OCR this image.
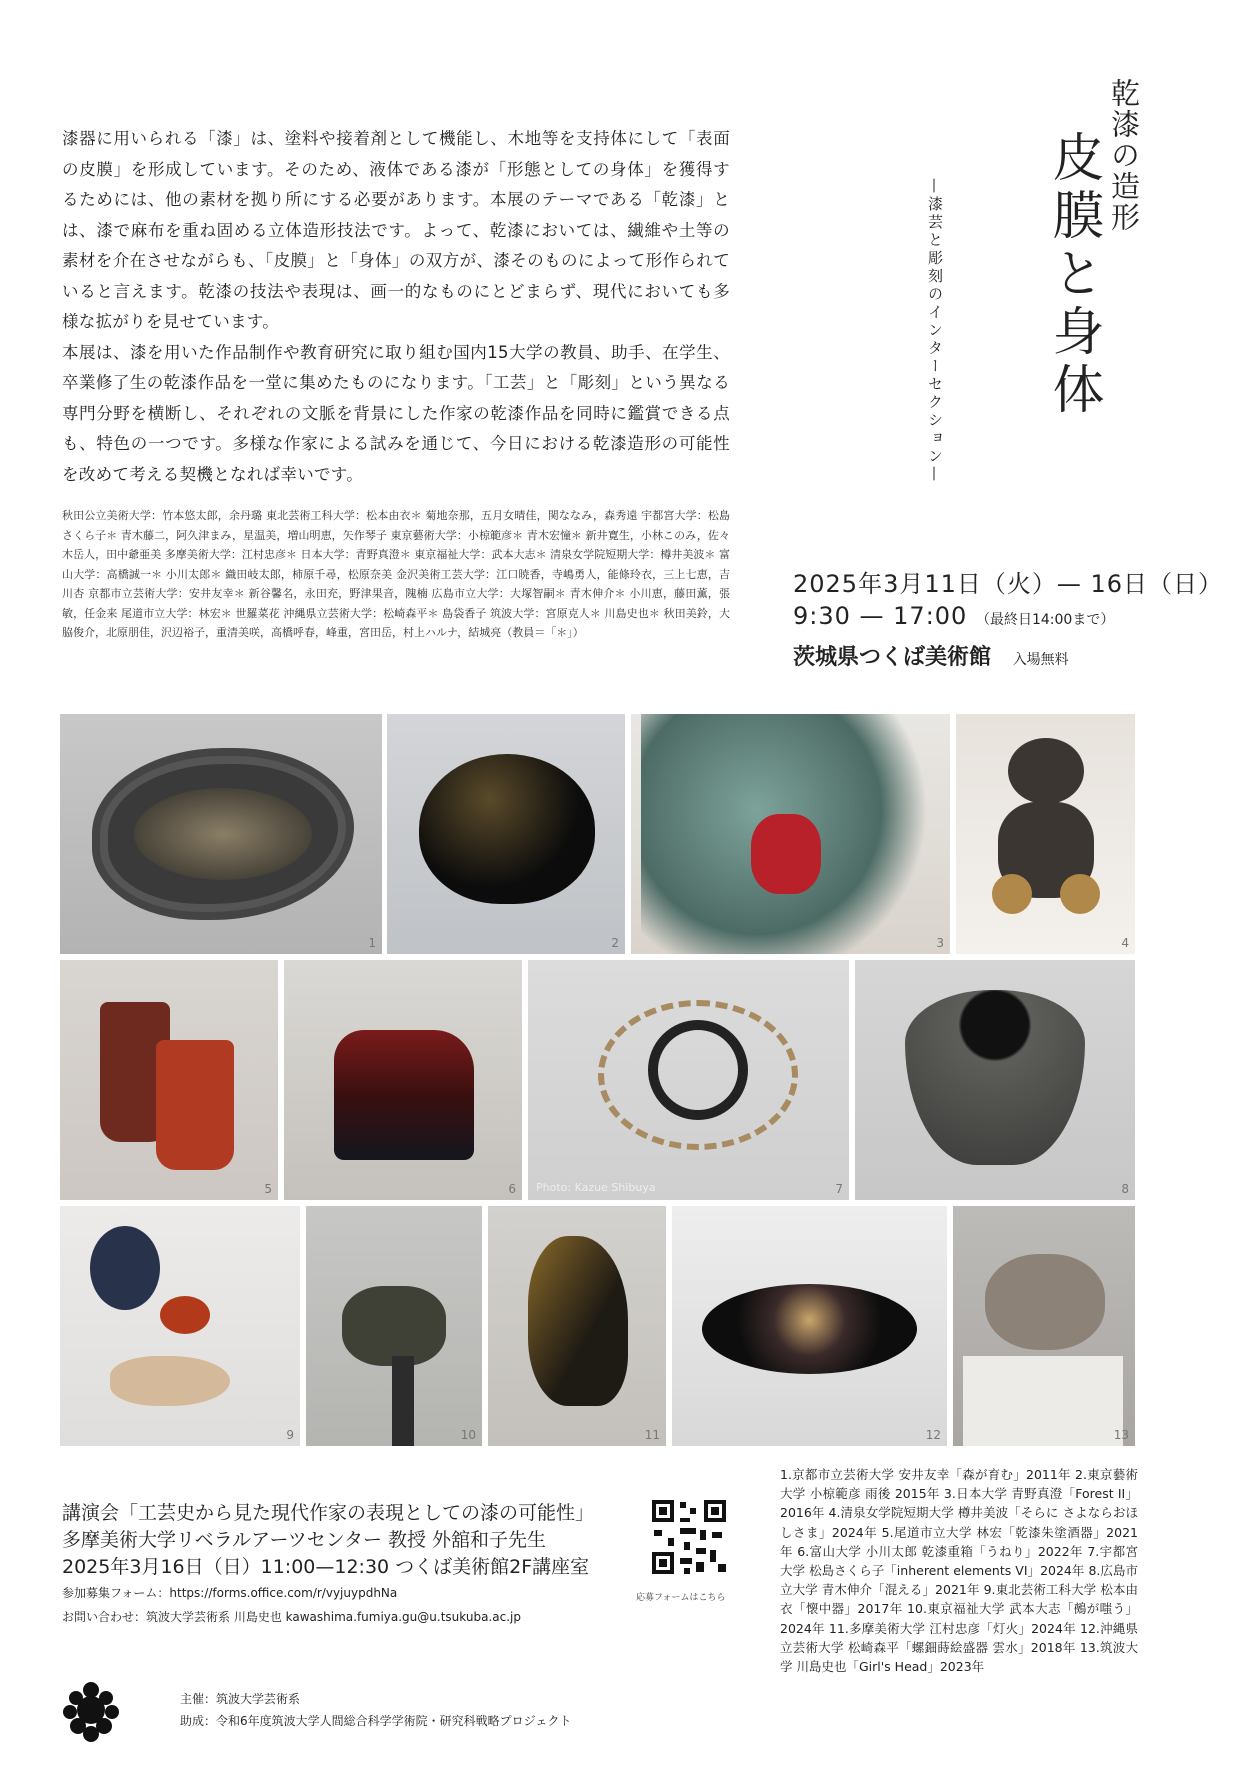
乾漆の造形
皮膜と身体
—漆芸と彫刻のインターセクション—

漆器に用いられる「漆」は、塗料や接着剤として機能し、木地等を支持体にして「表面の皮膜」を形成しています。そのため、液体である漆が「形態としての身体」を獲得するためには、他の素材を拠り所にする必要があります。本展のテーマである「乾漆」とは、漆で麻布を重ね固める立体造形技法です。よって、乾漆においては、繊維や土等の素材を介在させながらも、「皮膜」と「身体」の双方が、漆そのものによって形作られていると言えます。乾漆の技法や表現は、画一的なものにとどまらず、現代においても多様な拡がりを見せています。

本展は、漆を用いた作品制作や教育研究に取り組む国内15大学の教員、助手、在学生、卒業修了生の乾漆作品を一堂に集めたものになります。「工芸」と「彫刻」という異なる専門分野を横断し、それぞれの文脈を背景にした作家の乾漆作品を同時に鑑賞できる点も、特色の一つです。多様な作家による試みを通じて、今日における乾漆造形の可能性を改めて考える契機となれば幸いです。

秋田公立美術大学：竹本悠太郎，余丹璐 東北芸術工科大学：松本由衣＊ 菊地奈那，五月女晴佳，関ななみ，森秀遠 宇都宮大学：松島さくら子＊ 青木藤二，阿久津まみ，星温美，増山明恵，矢作琴子 東京藝術大学：小椋範彦＊ 青木宏憧＊ 新井寛生，小林このみ，佐々木岳人，田中爺亜美 多摩美術大学：江村忠彦＊ 日本大学：青野真澄＊ 東京福祉大学：武本大志＊ 清泉女学院短期大学：樽井美波＊ 富山大学：高橋誠一＊ 小川太郎＊ 織田岐太郎，柿原千尋，松原奈美 金沢美術工芸大学：江口暁香，寺嶋勇人，能條玲衣，三上七恵，吉川杏 京都市立芸術大学：安井友幸＊ 新谷馨名，永田充，野津果音，隗楠 広島市立大学：大塚智嗣＊ 青木伸介＊ 小川恵，藤田薫，張敏，任金来 尾道市立大学：林宏＊ 世羅菜花 沖縄県立芸術大学：松崎森平＊ 島袋香子 筑波大学：宮原克人＊ 川島史也＊ 秋田美鈴，大脇俊介，北原朋佳，沢辺裕子，重清美咲，高橋呼春，峰重，宮田岳，村上ハルナ，結城亮（教員＝「＊」）
2025年3月11日（火）— 16日（日）
9:30 — 17:00 （最終日14:00まで）
茨城県つくば美術館 入場無料
1	2	3	4
5	6 Photo: Kazue Shibuya	7	8
9	10	11	12	13
講演会「工芸史から見た現代作家の表現としての漆の可能性」
多摩美術大学リベラルアーツセンター 教授 外舘和子先生
2025年3月16日（日）11:00—12:30 つくば美術館2F講座室
参加募集フォーム：https://forms.office.com/r/vyjuypdhNa
お問い合わせ：筑波大学芸術系 川島史也 kawashima.fumiya.gu@u.tsukuba.ac.jp
応募フォームはこちら
1.京都市立芸術大学 安井友幸「森が育む」2011年 2.東京藝術大学 小椋範彦 雨後 2015年 3.日本大学 青野真澄「Forest II」2016年 4.清泉女学院短期大学 樽井美波「そらに さよならおほしさま」2024年 5.尾道市立大学 林宏「乾漆朱塗酒器」2021年 6.富山大学 小川太郎 乾漆重箱「うねり」2022年 7.宇都宮大学 松島さくら子「inherent elements VI」2024年 8.広島市立大学 青木伸介「混える」2021年 9.東北芸術工科大学 松本由衣「懐中器」2017年 10.東京福祉大学 武本大志「鵺が嗤う」2024年 11.多摩美術大学 江村忠彦「灯火」2024年 12.沖縄県立芸術大学 松崎森平「螺鈿蒔絵盛器 雲水」2018年 13.筑波大学 川島史也「Girl's Head」2023年
主催：筑波大学芸術系
助成：令和6年度筑波大学人間総合科学学術院・研究科戦略プロジェクト
